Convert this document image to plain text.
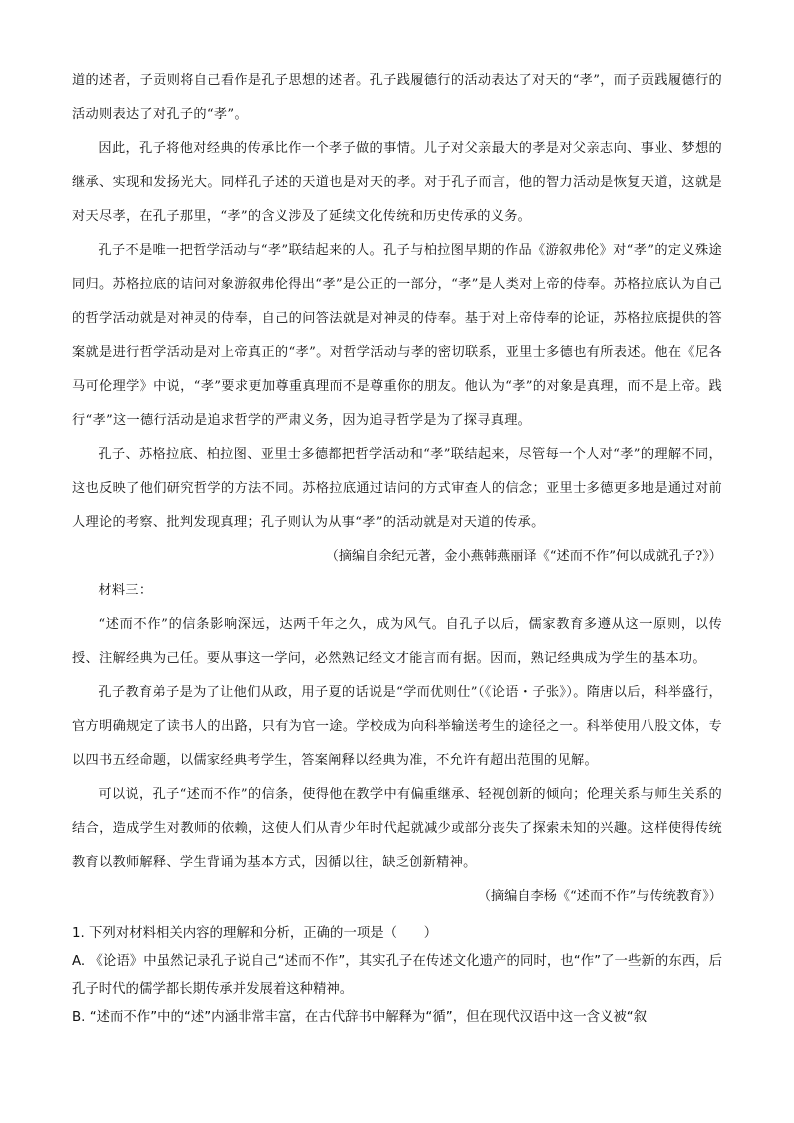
道的述者，子贡则将自己看作是孔子思想的述者。孔子践履德行的活动表达了对天的“孝”，而子贡践履德行的活动则表达了对孔子的“孝”。

因此，孔子将他对经典的传承比作一个孝子做的事情。儿子对父亲最大的孝是对父亲志向、事业、梦想的继承、实现和发扬光大。同样孔子述的天道也是对天的孝。对于孔子而言，他的智力活动是恢复天道，这就是对天尽孝，在孔子那里，“孝”的含义涉及了延续文化传统和历史传承的义务。

孔子不是唯一把哲学活动与“孝”联结起来的人。孔子与柏拉图早期的作品《游叙弗伦》对“孝”的定义殊途同归。苏格拉底的诘问对象游叙弗伦得出“孝”是公正的一部分，“孝”是人类对上帝的侍奉。苏格拉底认为自己的哲学活动就是对神灵的侍奉，自己的问答法就是对神灵的侍奉。基于对上帝侍奉的论证，苏格拉底提供的答案就是进行哲学活动是对上帝真正的“孝”。对哲学活动与孝的密切联系，亚里士多德也有所表述。他在《尼各马可伦理学》中说，“孝”要求更加尊重真理而不是尊重你的朋友。他认为“孝”的对象是真理，而不是上帝。践行“孝”这一德行活动是追求哲学的严肃义务，因为追寻哲学是为了探寻真理。

孔子、苏格拉底、柏拉图、亚里士多德都把哲学活动和“孝”联结起来，尽管每一个人对“孝”的理解不同，这也反映了他们研究哲学的方法不同。苏格拉底通过诘问的方式审查人的信念；亚里士多德更多地是通过对前人理论的考察、批判发现真理；孔子则认为从事“孝”的活动就是对天道的传承。

（摘编自余纪元著，金小燕韩燕丽译《“述而不作”何以成就孔子?》）

材料三：

“述而不作”的信条影响深远，达两千年之久，成为风气。自孔子以后，儒家教育多遵从这一原则，以传授、注解经典为己任。要从事这一学问，必然熟记经文才能言而有据。因而，熟记经典成为学生的基本功。

孔子教育弟子是为了让他们从政，用子夏的话说是“学而优则仕”（《论语・子张》）。隋唐以后，科举盛行，官方明确规定了读书人的出路，只有为官一途。学校成为向科举输送考生的途径之一。科举使用八股文体，专以四书五经命题，以儒家经典考学生，答案阐释以经典为准，不允许有超出范围的见解。

可以说，孔子“述而不作”的信条，使得他在教学中有偏重继承、轻视创新的倾向；伦理关系与师生关系的结合，造成学生对教师的依赖，这使人们从青少年时代起就减少或部分丧失了探索未知的兴趣。这样使得传统教育以教师解释、学生背诵为基本方式，因循以往，缺乏创新精神。

（摘编自李杨《“述而不作”与传统教育》）

1. 下列对材料相关内容的理解和分析，正确的一项是（　　）

A. 《论语》中虽然记录孔子说自己“述而不作”，其实孔子在传述文化遗产的同时，也“作”了一些新的东西，后孔子时代的儒学都长期传承并发展着这种精神。

B. “述而不作”中的“述”内涵非常丰富，在古代辞书中解释为“循”，但在现代汉语中这一含义被“叙
